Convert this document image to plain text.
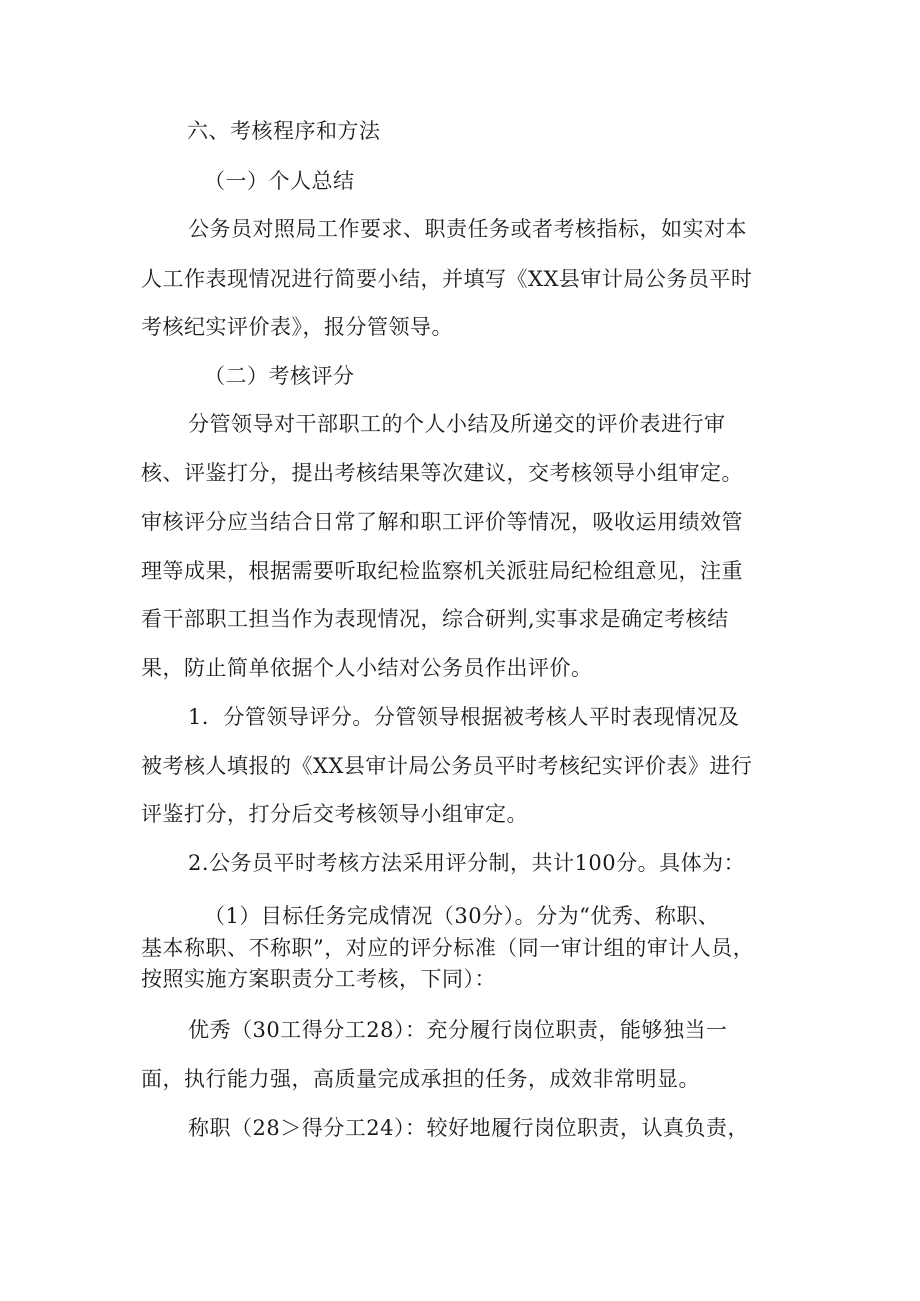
六、考核程序和方法
（一）个人总结
公务员对照局工作要求、职责任务或者考核指标，如实对本
人工作表现情况进行简要小结，并填写《XX县审计局公务员平时
考核纪实评价表》，报分管领导。
（二）考核评分
分管领导对干部职工的个人小结及所递交的评价表进行审
核、评鉴打分，提出考核结果等次建议，交考核领导小组审定。
审核评分应当结合日常了解和职工评价等情况，吸收运用绩效管
理等成果，根据需要听取纪检监察机关派驻局纪检组意见，注重
看干部职工担当作为表现情况，综合研判,实事求是确定考核结
果，防止简单依据个人小结对公务员作出评价。
1．分管领导评分。分管领导根据被考核人平时表现情况及
被考核人填报的《XX县审计局公务员平时考核纪实评价表》进行
评鉴打分，打分后交考核领导小组审定。
2.公务员平时考核方法采用评分制，共计100分。具体为：
（1）目标任务完成情况（30分）。分为“优秀、称职、
基本称职、不称职”，对应的评分标准（同一审计组的审计人员，
按照实施方案职责分工考核，下同）：
优秀（30工得分工28）：充分履行岗位职责，能够独当一
面，执行能力强，高质量完成承担的任务，成效非常明显。
称职（28＞得分工24）：较好地履行岗位职责，认真负责，
